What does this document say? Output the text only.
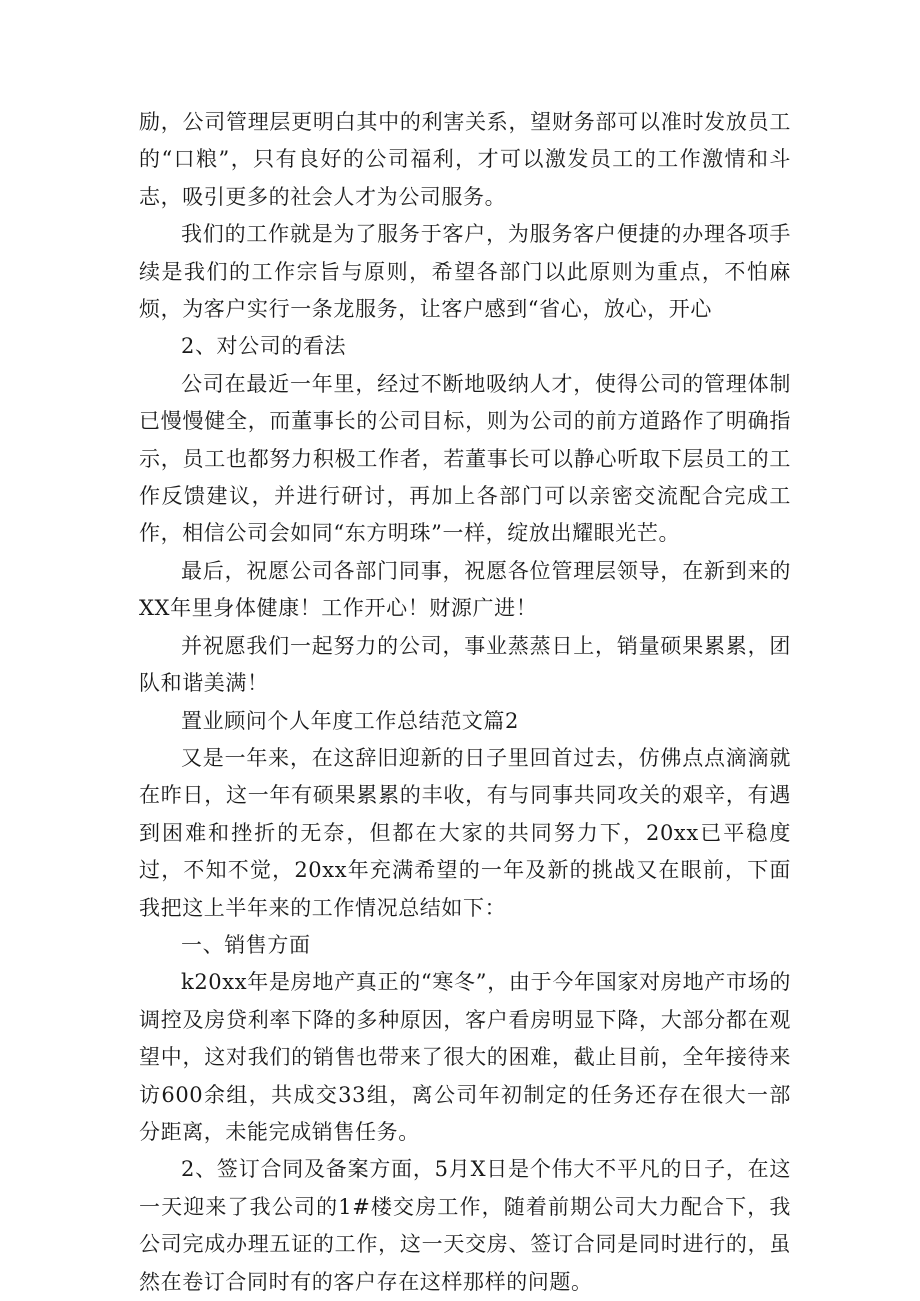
励，公司管理层更明白其中的利害关系，望财务部可以准时发放员工的“口粮”，只有良好的公司福利，才可以激发员工的工作激情和斗志，吸引更多的社会人才为公司服务。

我们的工作就是为了服务于客户，为服务客户便捷的办理各项手续是我们的工作宗旨与原则，希望各部门以此原则为重点，不怕麻烦，为客户实行一条龙服务，让客户感到“省心，放心，开心

2、对公司的看法

公司在最近一年里，经过不断地吸纳人才，使得公司的管理体制已慢慢健全，而董事长的公司目标，则为公司的前方道路作了明确指示，员工也都努力积极工作者，若董事长可以静心听取下层员工的工作反馈建议，并进行研讨，再加上各部门可以亲密交流配合完成工作，相信公司会如同“东方明珠”一样，绽放出耀眼光芒。

最后，祝愿公司各部门同事，祝愿各位管理层领导，在新到来的XX年里身体健康！工作开心！财源广进！

并祝愿我们一起努力的公司，事业蒸蒸日上，销量硕果累累，团队和谐美满！

置业顾问个人年度工作总结范文篇2

又是一年来，在这辞旧迎新的日子里回首过去，仿佛点点滴滴就在昨日，这一年有硕果累累的丰收，有与同事共同攻关的艰辛，有遇到困难和挫折的无奈，但都在大家的共同努力下，20xx已平稳度过，不知不觉，20xx年充满希望的一年及新的挑战又在眼前，下面我把这上半年来的工作情况总结如下：

一、销售方面

k20xx年是房地产真正的“寒冬”，由于今年国家对房地产市场的调控及房贷利率下降的多种原因，客户看房明显下降，大部分都在观望中，这对我们的销售也带来了很大的困难，截止目前，全年接待来访600余组，共成交33组，离公司年初制定的任务还存在很大一部分距离，未能完成销售任务。

2、签订合同及备案方面，5月X日是个伟大不平凡的日子，在这一天迎来了我公司的1#楼交房工作，随着前期公司大力配合下，我公司完成办理五证的工作，这一天交房、签订合同是同时进行的，虽然在卷订合同时有的客户存在这样那样的问题。
